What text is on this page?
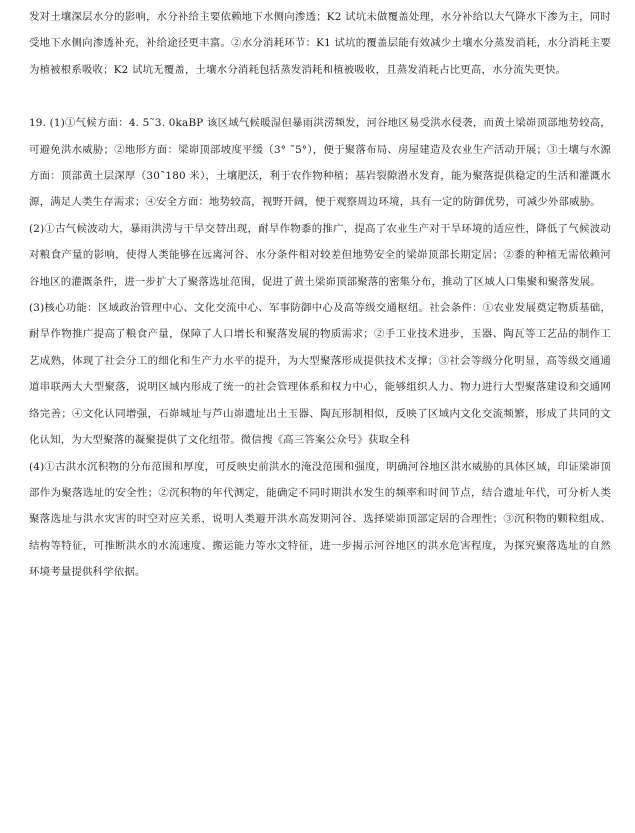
发对土壤深层水分的影响，水分补给主要依赖地下水侧向渗透；K2 试坑未做覆盖处理，水分补给以大气降水下渗为主，同时受地下水侧向渗透补充，补给途径更丰富。②水分消耗环节：K1 试坑的覆盖层能有效减少土壤水分蒸发消耗，水分消耗主要为植被根系吸收；K2 试坑无覆盖，土壤水分消耗包括蒸发消耗和植被吸收，且蒸发消耗占比更高，水分流失更快。

19. (1)①气候方面：4. 5˜3. 0kaBP 该区域气候暖湿但暴雨洪涝频发，河谷地区易受洪水侵袭，而黄土梁峁顶部地势较高，可避免洪水威胁；②地形方面：梁峁顶部坡度平缓（3° ˜5°），便于聚落布局、房屋建造及农业生产活动开展；③土壤与水源方面：顶部黄土层深厚（30˜180 米），土壤肥沃，利于农作物种植；基岩裂隙潜水发育，能为聚落提供稳定的生活和灌溉水源，满足人类生存需求；④安全方面：地势较高，视野开阔，便于观察周边环境，具有一定的防御优势，可减少外部威胁。

(2)①古气候波动大，暴雨洪涝与干旱交替出现，耐旱作物黍的推广，提高了农业生产对干旱环境的适应性，降低了气候波动对粮食产量的影响，使得人类能够在远离河谷、水分条件相对较差但地势安全的梁峁顶部长期定居；②黍的种植无需依赖河谷地区的灌溉条件，进一步扩大了聚落选址范围，促进了黄土梁峁顶部聚落的密集分布，推动了区域人口集聚和聚落发展。

(3)核心功能：区域政治管理中心、文化交流中心、军事防御中心及高等级交通枢纽。社会条件：①农业发展奠定物质基础，耐旱作物推广提高了粮食产量，保障了人口增长和聚落发展的物质需求；②手工业技术进步，玉器、陶瓦等工艺品的制作工艺成熟，体现了社会分工的细化和生产力水平的提升，为大型聚落形成提供技术支撑；③社会等级分化明显，高等级交通通道串联两大大型聚落，说明区域内形成了统一的社会管理体系和权力中心，能够组织人力、物力进行大型聚落建设和交通网络完善；④文化认同增强，石峁城址与芦山峁遗址出土玉器、陶瓦形制相似，反映了区域内文化交流频繁，形成了共同的文化认知，为大型聚落的凝聚提供了文化纽带。微信搜《高三答案公众号》获取全科

(4)①古洪水沉积物的分布范围和厚度，可反映史前洪水的淹没范围和强度，明确河谷地区洪水威胁的具体区域，印证梁峁顶部作为聚落选址的安全性；②沉积物的年代测定，能确定不同时期洪水发生的频率和时间节点，结合遗址年代，可分析人类聚落选址与洪水灾害的时空对应关系，说明人类避开洪水高发期河谷、选择梁峁顶部定居的合理性；③沉积物的颗粒组成、结构等特征，可推断洪水的水流速度、搬运能力等水文特征，进一步揭示河谷地区的洪水危害程度，为探究聚落选址的自然环境考量提供科学依据。
